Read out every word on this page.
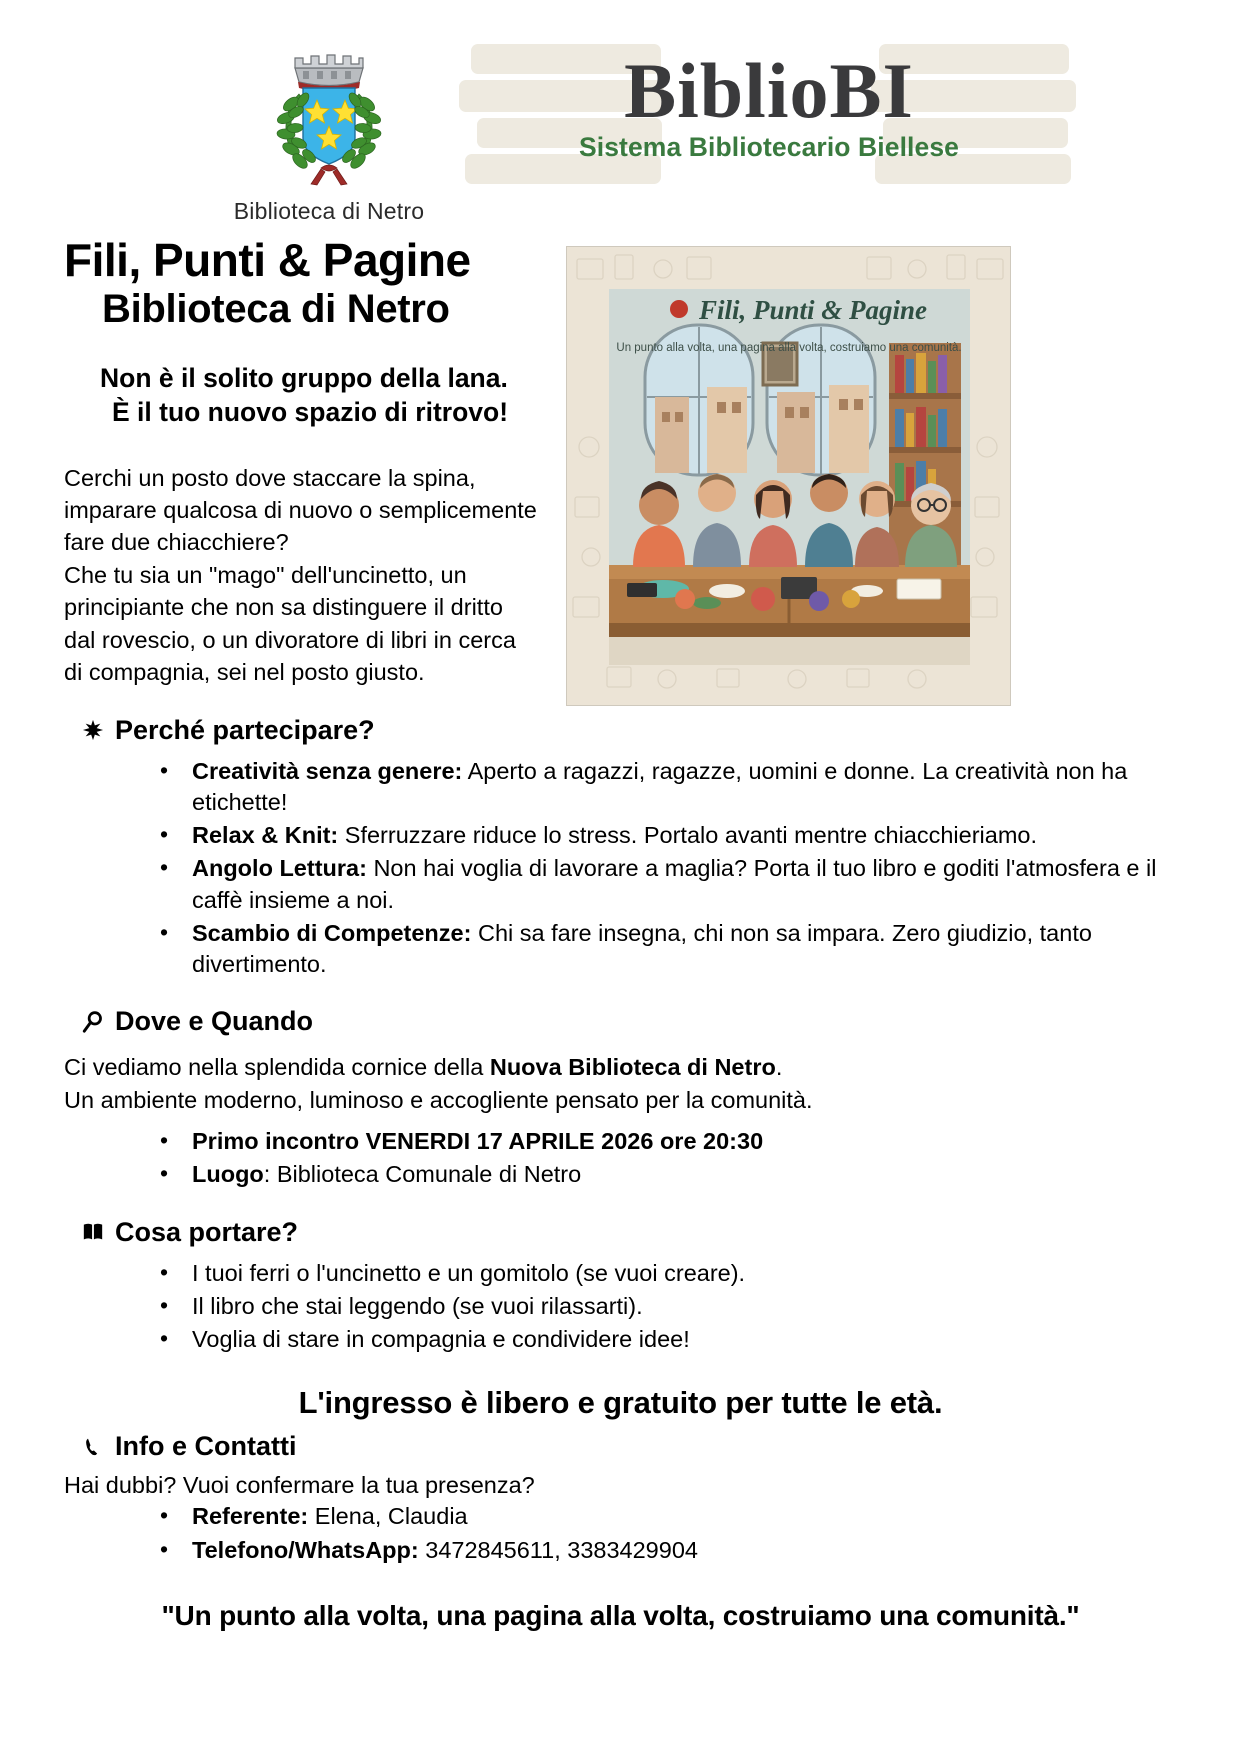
Biblioteca di Netro
BiblioBI
Sistema Bibliotecario Biellese
Fili, Punti & Pagine
Un punto alla volta, una pagina alla volta, costruiamo una comunità.
Fili, Punti & Pagine
Biblioteca di Netro
Non è il solito gruppo della lana.
È il tuo nuovo spazio di ritrovo!
Cerchi un posto dove staccare la spina, imparare qualcosa di nuovo o semplicemente fare due chiacchiere?
Che tu sia un "mago" dell'uncinetto, un principiante che non sa distinguere il dritto dal rovescio, o un divoratore di libri in cerca di compagnia, sei nel posto giusto.
Perché partecipare?
• Creatività senza genere: Aperto a ragazzi, ragazze, uomini e donne. La creatività non ha etichette!
• Relax & Knit: Sferruzzare riduce lo stress. Portalo avanti mentre chiacchieriamo.
• Angolo Lettura: Non hai voglia di lavorare a maglia? Porta il tuo libro e goditi l'atmosfera e il caffè insieme a noi.
• Scambio di Competenze: Chi sa fare insegna, chi non sa impara. Zero giudizio, tanto divertimento.
Dove e Quando
Ci vediamo nella splendida cornice della Nuova Biblioteca di Netro.
Un ambiente moderno, luminoso e accogliente pensato per la comunità.
• Primo incontro VENERDI 17 APRILE 2026 ore 20:30
• Luogo: Biblioteca Comunale di Netro
Cosa portare?
• I tuoi ferri o l'uncinetto e un gomitolo (se vuoi creare).
• Il libro che stai leggendo (se vuoi rilassarti).
• Voglia di stare in compagnia e condividere idee!
L'ingresso è libero e gratuito per tutte le età.
Info e Contatti
Hai dubbi? Vuoi confermare la tua presenza?
• Referente: Elena, Claudia
• Telefono/WhatsApp: 3472845611, 3383429904
"Un punto alla volta, una pagina alla volta, costruiamo una comunità."
